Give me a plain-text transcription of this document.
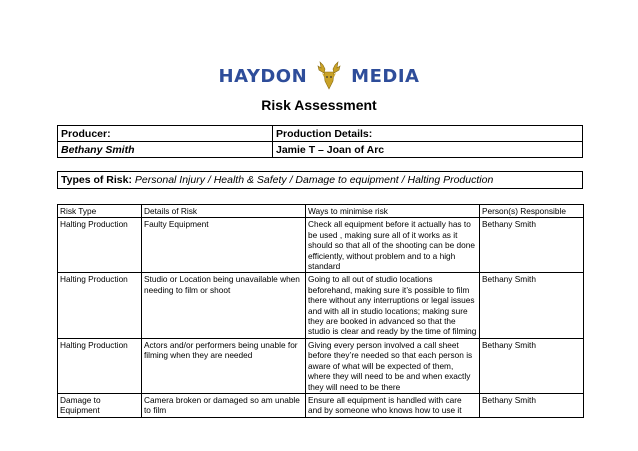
HAYDON MEDIA
Risk Assessment
Producer:	Production Details:
Bethany Smith	Jamie T – Joan of Arc
Types of Risk: Personal Injury / Health & Safety / Damage to equipment / Halting Production
Risk Type	Details of Risk	Ways to minimise risk	Person(s) Responsible
Halting Production	Faulty Equipment	Check all equipment before it actually has to be used , making sure all of it works as it should so that all of the shooting can be done efficiently, without problem and to a high standard	Bethany Smith
Halting Production	Studio or Location being unavailable when needing to film or shoot	Going to all out of studio locations beforehand, making sure it’s possible to film there without any interruptions or legal issues and with all in studio locations; making sure they are booked in advanced so that the studio is clear and ready by the time of filming	Bethany Smith
Halting Production	Actors and/or performers being unable for filming when they are needed	Giving every person involved a call sheet before they’re needed so that each person is aware of what will be expected of them, where they will need to be and when exactly they will need to be there	Bethany Smith
Damage to Equipment	Camera broken or damaged so am unable to film	Ensure all equipment is handled with care and by someone who knows how to use it	Bethany Smith
